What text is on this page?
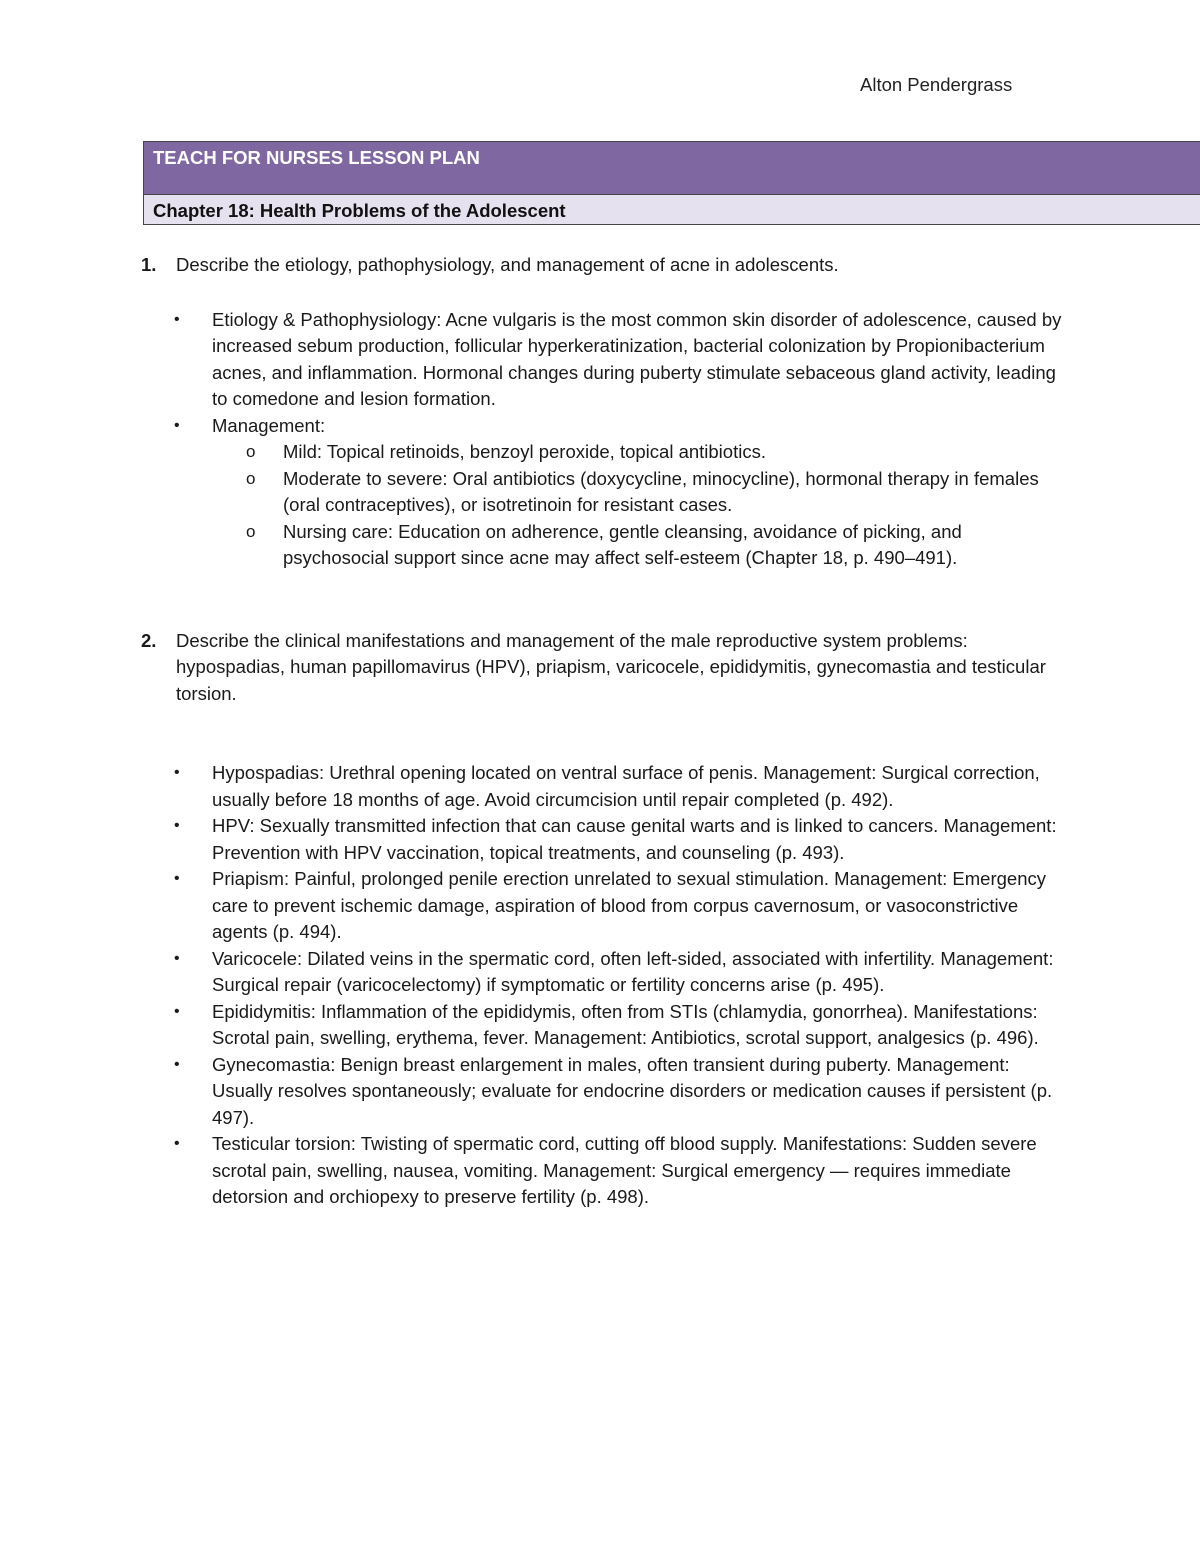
Alton Pendergrass
TEACH FOR NURSES LESSON PLAN
Chapter 18: Health Problems of the Adolescent
1. Describe the etiology, pathophysiology, and management of acne in adolescents.
• Etiology & Pathophysiology: Acne vulgaris is the most common skin disorder of adolescence, caused by increased sebum production, follicular hyperkeratinization, bacterial colonization by Propionibacterium acnes, and inflammation. Hormonal changes during puberty stimulate sebaceous gland activity, leading to comedone and lesion formation.
• Management:
o Mild: Topical retinoids, benzoyl peroxide, topical antibiotics.
o Moderate to severe: Oral antibiotics (doxycycline, minocycline), hormonal therapy in females (oral contraceptives), or isotretinoin for resistant cases.
o Nursing care: Education on adherence, gentle cleansing, avoidance of picking, and psychosocial support since acne may affect self-esteem (Chapter 18, p. 490–491).
2. Describe the clinical manifestations and management of the male reproductive system problems: hypospadias, human papillomavirus (HPV), priapism, varicocele, epididymitis, gynecomastia and testicular torsion.
• Hypospadias: Urethral opening located on ventral surface of penis. Management: Surgical correction, usually before 18 months of age. Avoid circumcision until repair completed (p. 492).
• HPV: Sexually transmitted infection that can cause genital warts and is linked to cancers. Management: Prevention with HPV vaccination, topical treatments, and counseling (p. 493).
• Priapism: Painful, prolonged penile erection unrelated to sexual stimulation. Management: Emergency care to prevent ischemic damage, aspiration of blood from corpus cavernosum, or vasoconstrictive agents (p. 494).
• Varicocele: Dilated veins in the spermatic cord, often left-sided, associated with infertility. Management: Surgical repair (varicocelectomy) if symptomatic or fertility concerns arise (p. 495).
• Epididymitis: Inflammation of the epididymis, often from STIs (chlamydia, gonorrhea). Manifestations: Scrotal pain, swelling, erythema, fever. Management: Antibiotics, scrotal support, analgesics (p. 496).
• Gynecomastia: Benign breast enlargement in males, often transient during puberty. Management: Usually resolves spontaneously; evaluate for endocrine disorders or medication causes if persistent (p. 497).
• Testicular torsion: Twisting of spermatic cord, cutting off blood supply. Manifestations: Sudden severe scrotal pain, swelling, nausea, vomiting. Management: Surgical emergency — requires immediate detorsion and orchiopexy to preserve fertility (p. 498).
